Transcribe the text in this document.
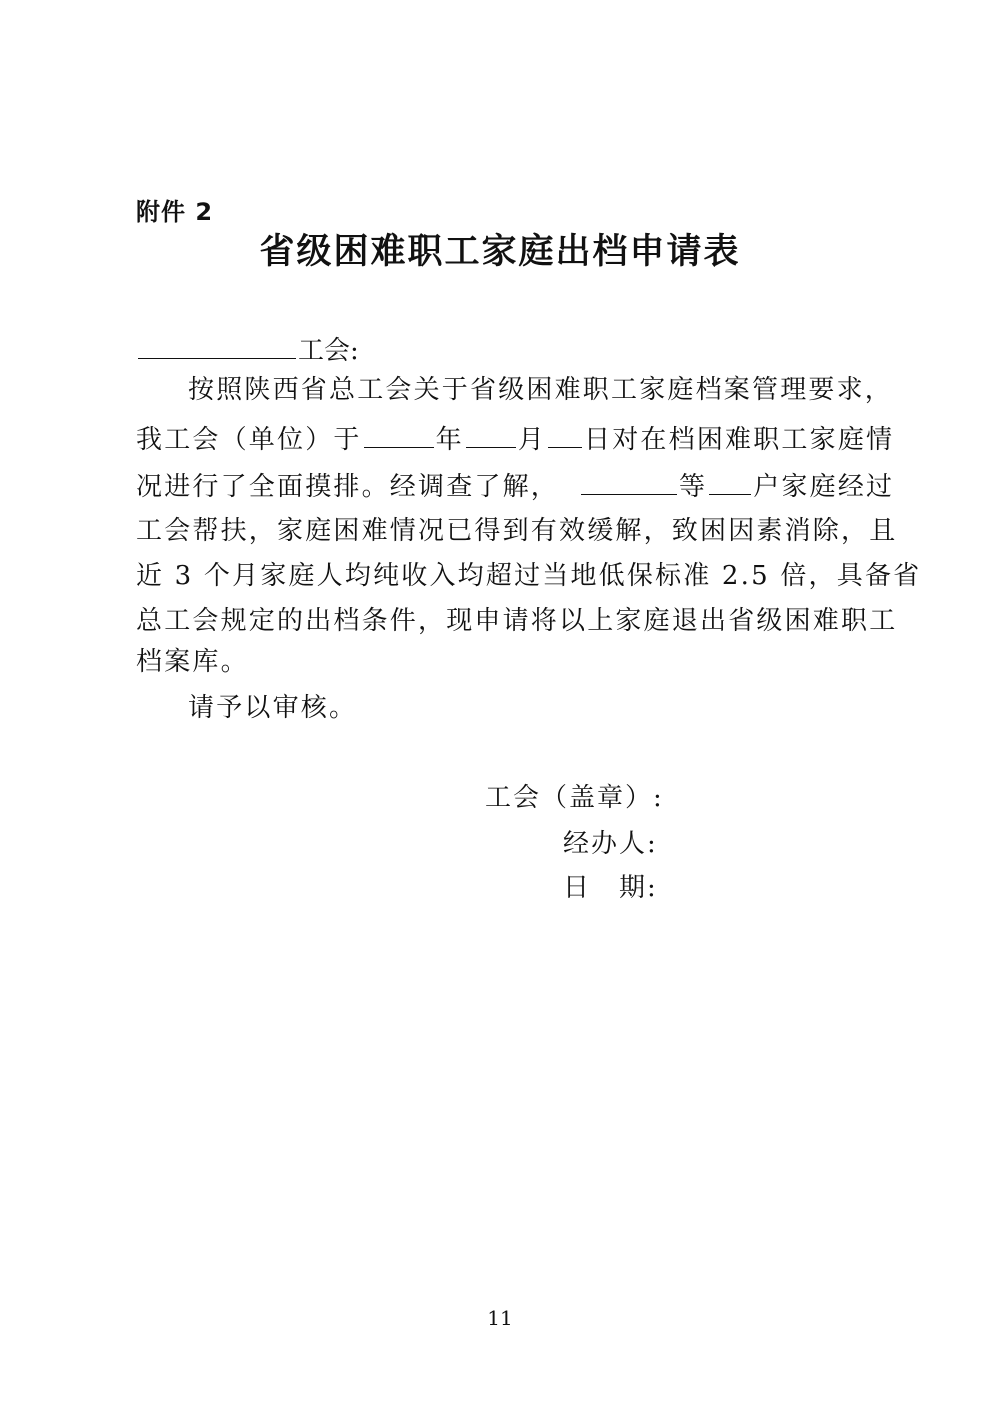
附件 2
省级困难职工家庭出档申请表
工会:
按照陕西省总工会关于省级困难职工家庭档案管理要求，
我工会（单位）于	年 月 日对在档困难职工家庭情
况进行了全面摸排。经调查了解，	等 户家庭经过
工会帮扶，家庭困难情况已得到有效缓解，致困因素消除，且
近 3 个月家庭人均纯收入均超过当地低保标准 2.5 倍，具备省
总工会规定的出档条件，现申请将以上家庭退出省级困难职工
档案库。
请予以审核。
工会（盖章）:
经办人:
日　期:
11
